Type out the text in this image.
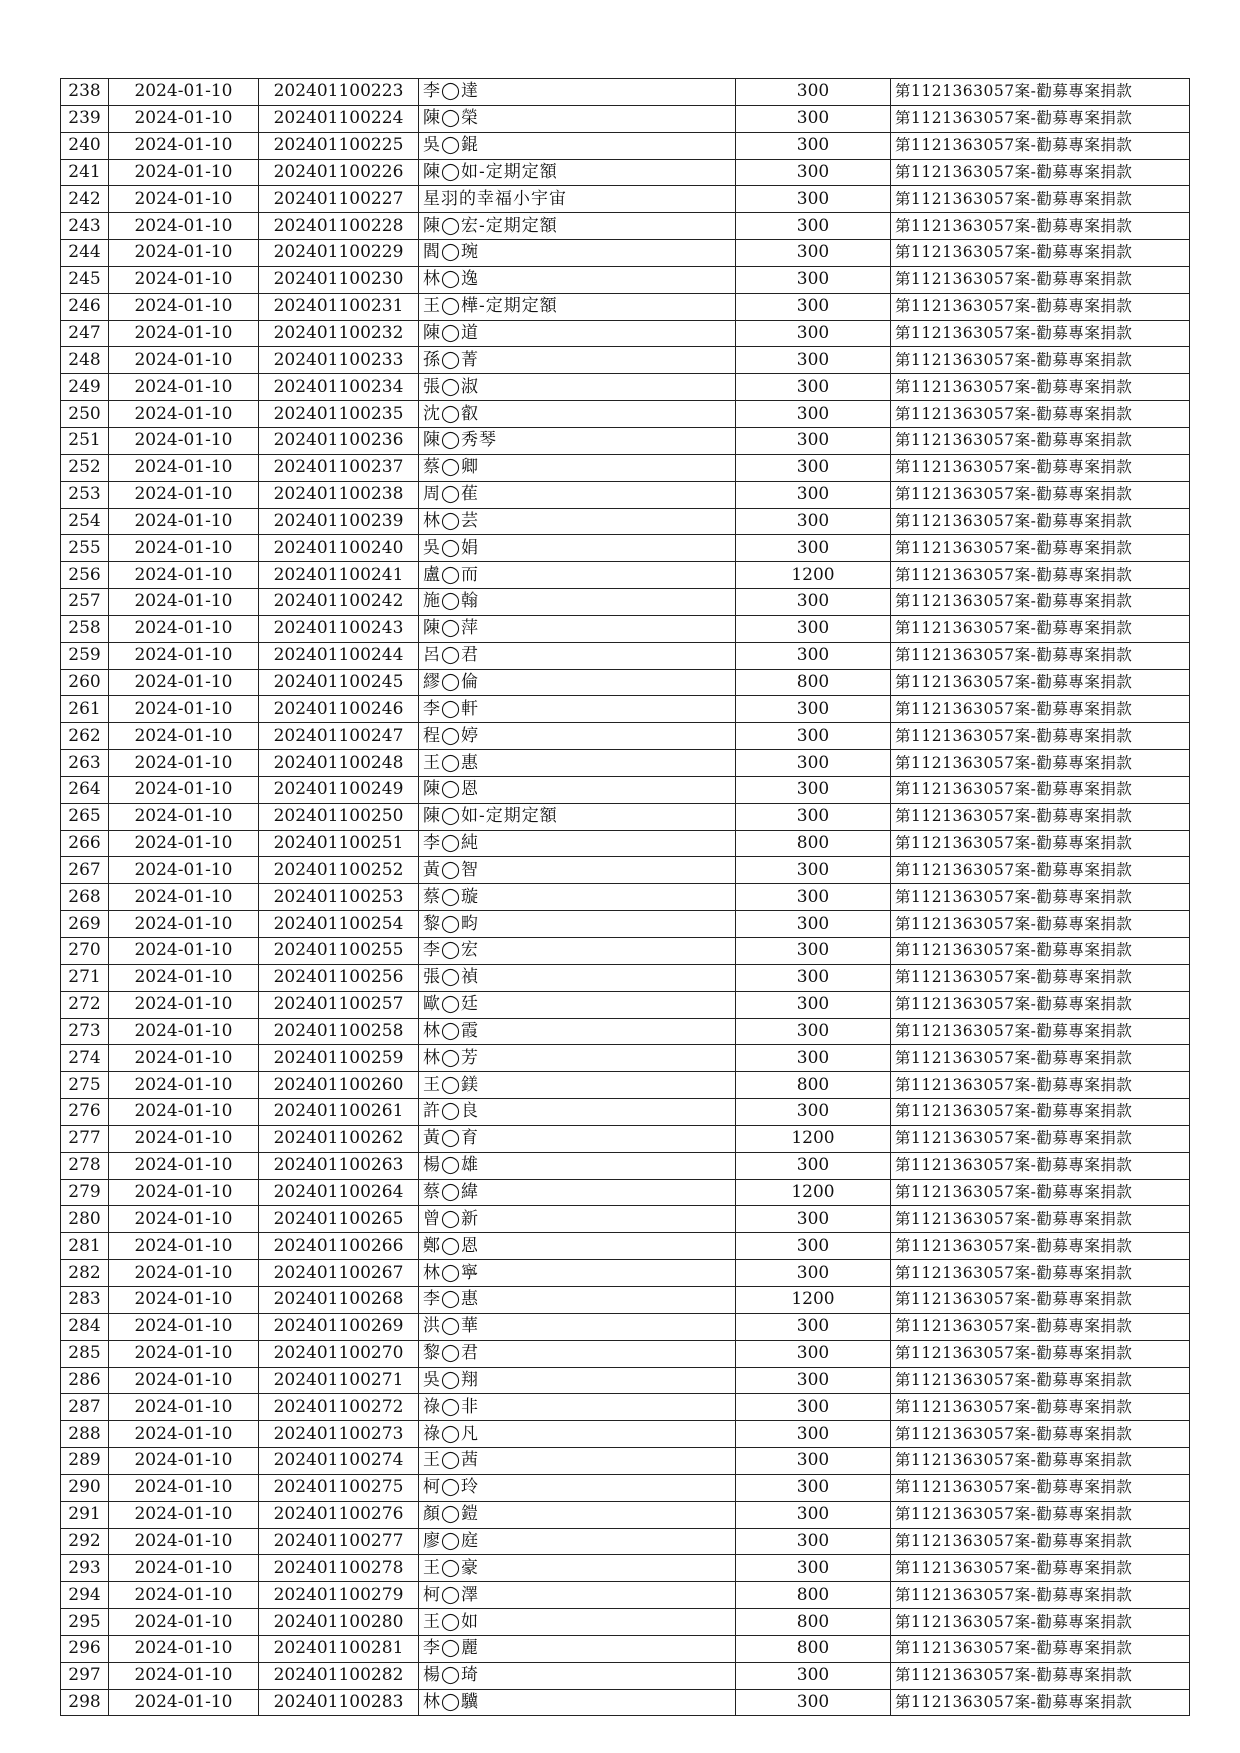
238	2024-01-10	202401100223	李◯達	300	第1121363057案-勸募專案捐款
239	2024-01-10	202401100224	陳◯榮	300	第1121363057案-勸募專案捐款
240	2024-01-10	202401100225	吳◯錕	300	第1121363057案-勸募專案捐款
241	2024-01-10	202401100226	陳◯如-定期定額	300	第1121363057案-勸募專案捐款
242	2024-01-10	202401100227	星羽的幸福小宇宙	300	第1121363057案-勸募專案捐款
243	2024-01-10	202401100228	陳◯宏-定期定額	300	第1121363057案-勸募專案捐款
244	2024-01-10	202401100229	閻◯琬	300	第1121363057案-勸募專案捐款
245	2024-01-10	202401100230	林◯逸	300	第1121363057案-勸募專案捐款
246	2024-01-10	202401100231	王◯樺-定期定額	300	第1121363057案-勸募專案捐款
247	2024-01-10	202401100232	陳◯道	300	第1121363057案-勸募專案捐款
248	2024-01-10	202401100233	孫◯菁	300	第1121363057案-勸募專案捐款
249	2024-01-10	202401100234	張◯淑	300	第1121363057案-勸募專案捐款
250	2024-01-10	202401100235	沈◯叡	300	第1121363057案-勸募專案捐款
251	2024-01-10	202401100236	陳◯秀琴	300	第1121363057案-勸募專案捐款
252	2024-01-10	202401100237	蔡◯卿	300	第1121363057案-勸募專案捐款
253	2024-01-10	202401100238	周◯萑	300	第1121363057案-勸募專案捐款
254	2024-01-10	202401100239	林◯芸	300	第1121363057案-勸募專案捐款
255	2024-01-10	202401100240	吳◯娟	300	第1121363057案-勸募專案捐款
256	2024-01-10	202401100241	盧◯而	1200	第1121363057案-勸募專案捐款
257	2024-01-10	202401100242	施◯翰	300	第1121363057案-勸募專案捐款
258	2024-01-10	202401100243	陳◯萍	300	第1121363057案-勸募專案捐款
259	2024-01-10	202401100244	呂◯君	300	第1121363057案-勸募專案捐款
260	2024-01-10	202401100245	繆◯倫	800	第1121363057案-勸募專案捐款
261	2024-01-10	202401100246	李◯軒	300	第1121363057案-勸募專案捐款
262	2024-01-10	202401100247	程◯婷	300	第1121363057案-勸募專案捐款
263	2024-01-10	202401100248	王◯惠	300	第1121363057案-勸募專案捐款
264	2024-01-10	202401100249	陳◯恩	300	第1121363057案-勸募專案捐款
265	2024-01-10	202401100250	陳◯如-定期定額	300	第1121363057案-勸募專案捐款
266	2024-01-10	202401100251	李◯純	800	第1121363057案-勸募專案捐款
267	2024-01-10	202401100252	黃◯智	300	第1121363057案-勸募專案捐款
268	2024-01-10	202401100253	蔡◯璇	300	第1121363057案-勸募專案捐款
269	2024-01-10	202401100254	黎◯畇	300	第1121363057案-勸募專案捐款
270	2024-01-10	202401100255	李◯宏	300	第1121363057案-勸募專案捐款
271	2024-01-10	202401100256	張◯禎	300	第1121363057案-勸募專案捐款
272	2024-01-10	202401100257	歐◯廷	300	第1121363057案-勸募專案捐款
273	2024-01-10	202401100258	林◯霞	300	第1121363057案-勸募專案捐款
274	2024-01-10	202401100259	林◯芳	300	第1121363057案-勸募專案捐款
275	2024-01-10	202401100260	王◯鎂	800	第1121363057案-勸募專案捐款
276	2024-01-10	202401100261	許◯良	300	第1121363057案-勸募專案捐款
277	2024-01-10	202401100262	黃◯育	1200	第1121363057案-勸募專案捐款
278	2024-01-10	202401100263	楊◯雄	300	第1121363057案-勸募專案捐款
279	2024-01-10	202401100264	蔡◯緯	1200	第1121363057案-勸募專案捐款
280	2024-01-10	202401100265	曾◯新	300	第1121363057案-勸募專案捐款
281	2024-01-10	202401100266	鄭◯恩	300	第1121363057案-勸募專案捐款
282	2024-01-10	202401100267	林◯寧	300	第1121363057案-勸募專案捐款
283	2024-01-10	202401100268	李◯惠	1200	第1121363057案-勸募專案捐款
284	2024-01-10	202401100269	洪◯華	300	第1121363057案-勸募專案捐款
285	2024-01-10	202401100270	黎◯君	300	第1121363057案-勸募專案捐款
286	2024-01-10	202401100271	吳◯翔	300	第1121363057案-勸募專案捐款
287	2024-01-10	202401100272	祿◯非	300	第1121363057案-勸募專案捐款
288	2024-01-10	202401100273	祿◯凡	300	第1121363057案-勸募專案捐款
289	2024-01-10	202401100274	王◯茜	300	第1121363057案-勸募專案捐款
290	2024-01-10	202401100275	柯◯玲	300	第1121363057案-勸募專案捐款
291	2024-01-10	202401100276	顏◯鎧	300	第1121363057案-勸募專案捐款
292	2024-01-10	202401100277	廖◯庭	300	第1121363057案-勸募專案捐款
293	2024-01-10	202401100278	王◯豪	300	第1121363057案-勸募專案捐款
294	2024-01-10	202401100279	柯◯澤	800	第1121363057案-勸募專案捐款
295	2024-01-10	202401100280	王◯如	800	第1121363057案-勸募專案捐款
296	2024-01-10	202401100281	李◯麗	800	第1121363057案-勸募專案捐款
297	2024-01-10	202401100282	楊◯琦	300	第1121363057案-勸募專案捐款
298	2024-01-10	202401100283	林◯驥	300	第1121363057案-勸募專案捐款
